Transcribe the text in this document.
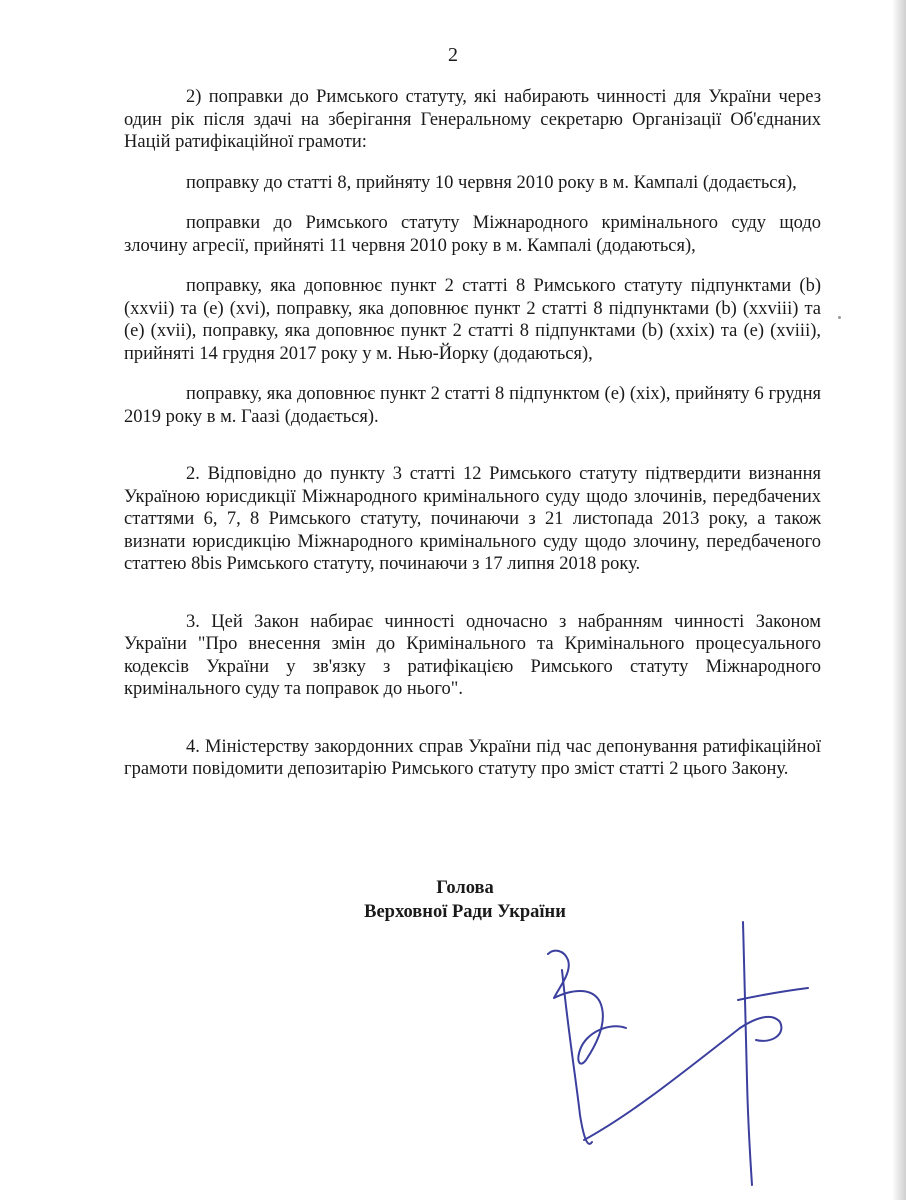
2

2) поправки до Римського статуту, які набирають чинності для України через один рік після здачі на зберігання Генеральному секретарю Організації Об'єднаних Націй ратифікаційної грамоти:

поправку до статті 8, прийняту 10 червня 2010 року в м. Кампалі (додається),

поправки до Римського статуту Міжнародного кримінального суду щодо злочину агресії, прийняті 11 червня 2010 року в м. Кампалі (додаються),

поправку, яка доповнює пункт 2 статті 8 Римського статуту підпунктами (b) (xxvii) та (e) (xvi), поправку, яка доповнює пункт 2 статті 8 підпунктами (b) (xxviii) та (e) (xvii), поправку, яка доповнює пункт 2 статті 8 підпунктами (b) (xxix) та (e) (xviii), прийняті 14 грудня 2017 року у м. Нью-Йорку (додаються),

поправку, яка доповнює пункт 2 статті 8 підпунктом (e) (xix), прийняту 6 грудня 2019 року в м. Гаазі (додається).

2. Відповідно до пункту 3 статті 12 Римського статуту підтвердити визнання Україною юрисдикції Міжнародного кримінального суду щодо злочинів, передбачених статтями 6, 7, 8 Римського статуту, починаючи з 21 листопада 2013 року, а також визнати юрисдикцію Міжнародного кримінального суду щодо злочину, передбаченого статтею 8bis Римського статуту, починаючи з 17 липня 2018 року.

3. Цей Закон набирає чинності одночасно з набранням чинності Законом України "Про внесення змін до Кримінального та Кримінального процесуального кодексів України у зв'язку з ратифікацією Римського статуту Міжнародного кримінального суду та поправок до нього".

4. Міністерству закордонних справ України під час депонування ратифікаційної грамоти повідомити депозитарію Римського статуту про зміст статті 2 цього Закону.

Голова
Верховної Ради України
